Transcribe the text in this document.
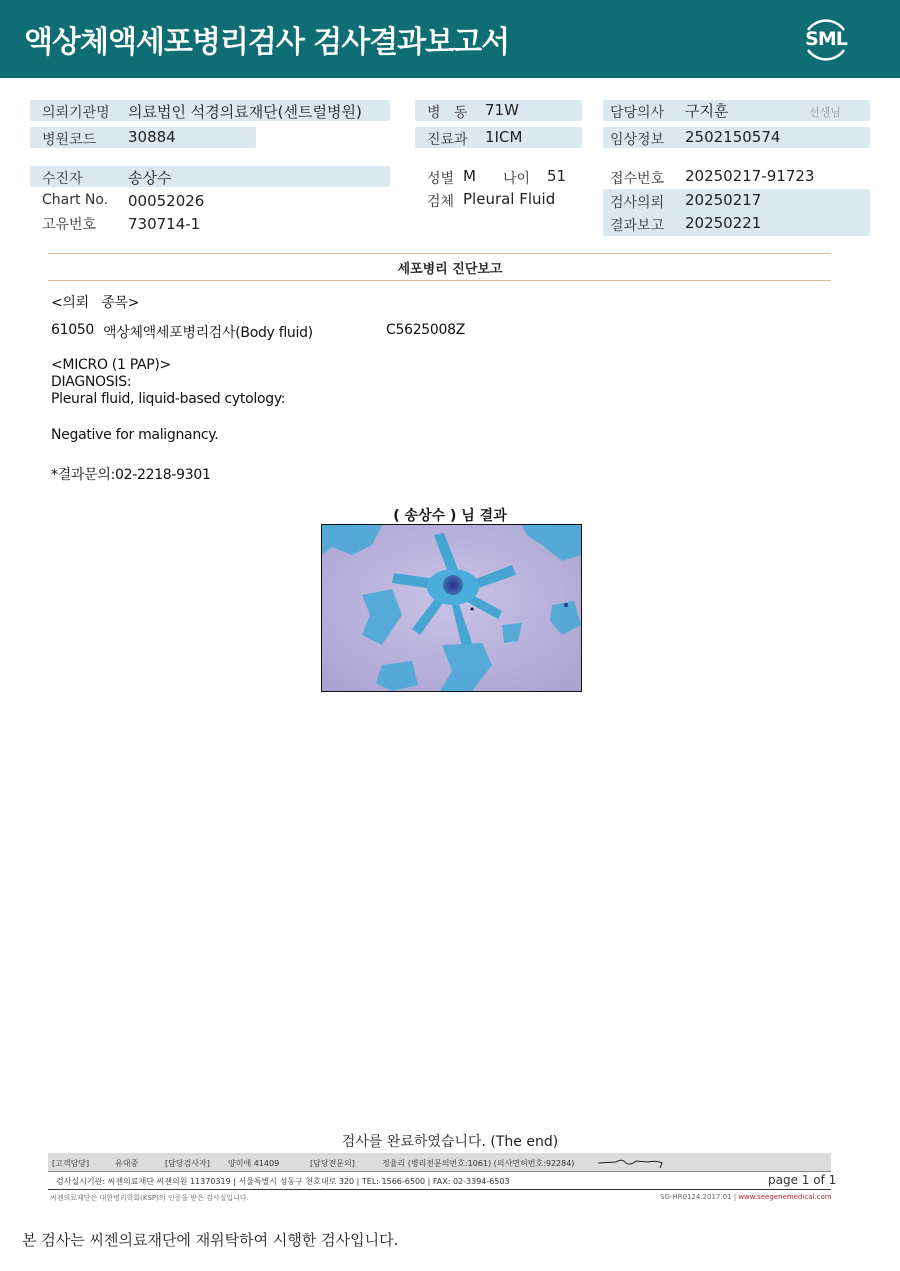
액상체액세포병리검사 검사결과보고서	SML
의뢰기관명 의료법인 석경의료재단(센트럴병원)
병원코드 30884
수진자	송상수
Chart No. 00052026
고유번호 730714-1
병   동 71W
진료과 1ICM
성별 M 나이 51
검체 Pleural Fluid
담당의사 구지훈	선생님
임상정보 2502150574
접수번호 20250217-91723
검사의뢰 20250217
결과보고 20250221
세포병리 진단보고
<의뢰   종목>
61050 액상체액세포병리검사(Body fluid)	C5625008Z
<MICRO (1 PAP)>
DIAGNOSIS:
Pleural fluid, liquid-based cytology:
Negative for malignancy.
*결과문의:02-2218-9301
( 송상수 ) 님 결과
검사를 완료하였습니다. (The end)
[고객담당]	유대중	[담당검사자] 양미애 41409	[담당전문의]	정율리 (병리전문의번호:1061) (의사면허번호:92284)
검사실시기관: 씨젠의료재단 씨젠의원 11370319 | 서울특별시 성동구 천호대로 320 | TEL: 1566-6500 | FAX: 02-3394-6503	page 1 of 1
씨젠의료재단은 대한병리학회(KSP)의 인증을 받은 검사실입니다.	SG-HR0124.2017.01 | www.seegenemedical.com
본 검사는 씨젠의료재단에 재위탁하여 시행한 검사입니다.
